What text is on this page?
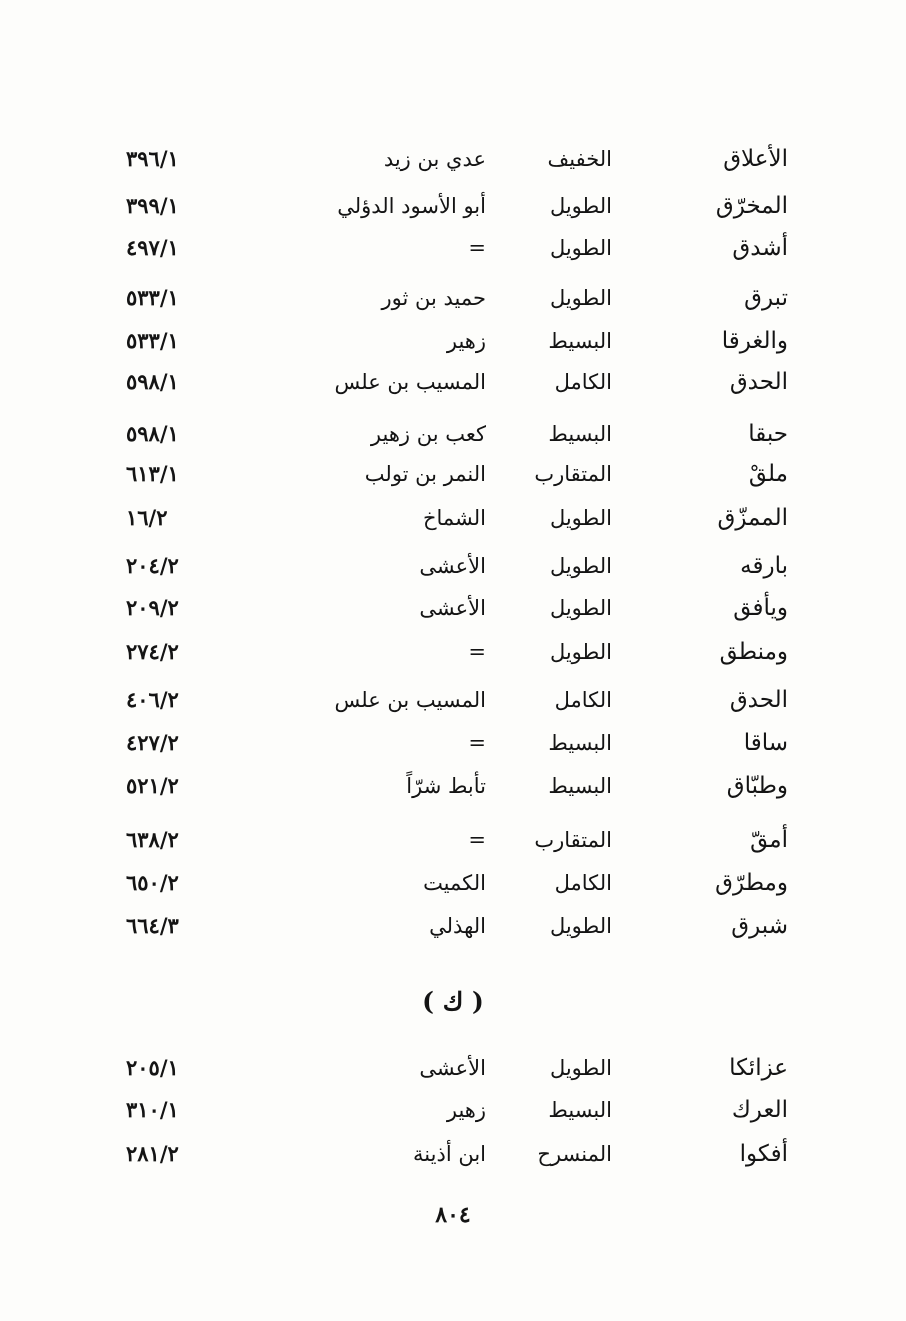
الأعلاق
الخفيف
عدي بن زيد
٣٩٦/١
المخرّق
الطويل
أبو الأسود الدؤلي
٣٩٩/١
أشدق
الطويل
=
٤٩٧/١
تبرق
الطويل
حميد بن ثور
٥٣٣/١
والغرقا
البسيط
زهير
٥٣٣/١
الحدق
الكامل
المسيب بن علس
٥٩٨/١
حبقا
البسيط
كعب بن زهير
٥٩٨/١
ملقْ
المتقارب
النمر بن تولب
٦١٣/١
الممزّق
الطويل
الشماخ
١٦/٢
بارقه
الطويل
الأعشى
٢٠٤/٢
ويأفق
الطويل
الأعشى
٢٠٩/٢
ومنطق
الطويل
=
٢٧٤/٢
الحدق
الكامل
المسيب بن علس
٤٠٦/٢
ساقا
البسيط
=
٤٢٧/٢
وطبّاق
البسيط
تأبط شرّاً
٥٢١/٢
أمقّ
المتقارب
=
٦٣٨/٢
ومطرّق
الكامل
الكميت
٦٥٠/٢
شبرق
الطويل
الهذلي
٦٦٤/٣
( ك )
عزائكا
الطويل
الأعشى
٢٠٥/١
العرك
البسيط
زهير
٣١٠/١
أفكوا
المنسرح
ابن أذينة
٢٨١/٢
٨٠٤
